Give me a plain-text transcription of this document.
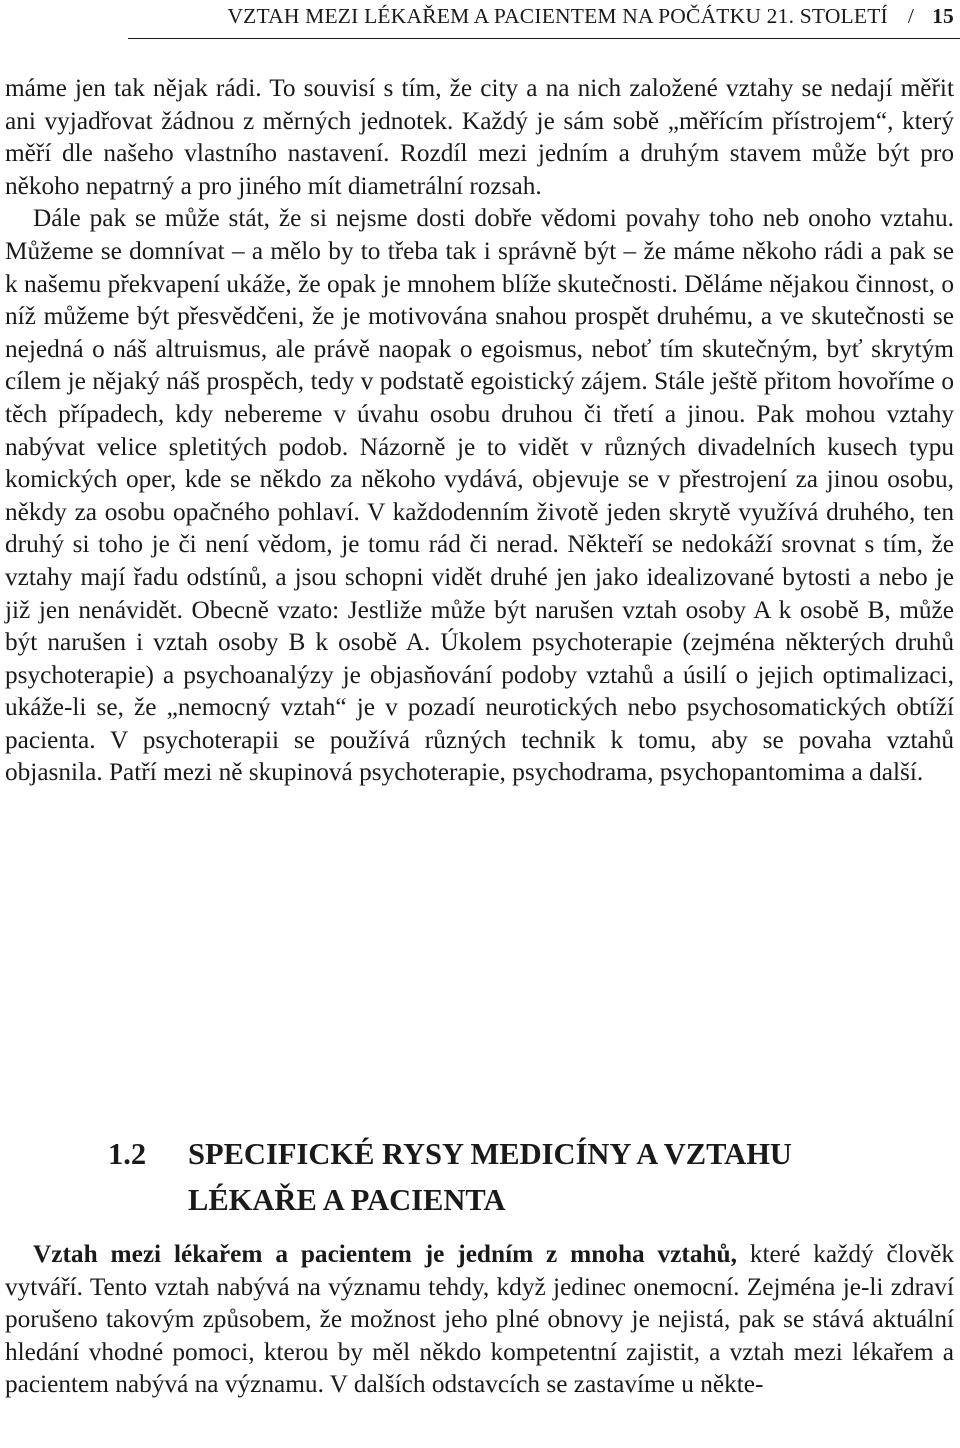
VZTAH MEZI LÉKAŘEM A PACIENTEM NA POČÁTKU 21. STOLETÍ / 15

máme jen tak nějak rádi. To souvisí s tím, že city a na nich založené vztahy se nedají měřit ani vyjadřovat žádnou z měrných jednotek. Každý je sám sobě „měřícím přístrojem“, který měří dle našeho vlastního nastavení. Rozdíl mezi jedním a druhým stavem může být pro někoho nepatrný a pro jiného mít diametrální rozsah.

Dále pak se může stát, že si nejsme dosti dobře vědomi povahy toho neb onoho vztahu. Můžeme se domnívat – a mělo by to třeba tak i správně být – že máme někoho rádi a pak se k našemu překvapení ukáže, že opak je mnohem blíže skutečnosti. Děláme nějakou činnost, o níž můžeme být přesvědčeni, že je motivována snahou prospět druhému, a ve skutečnosti se nejedná o náš altruismus, ale právě naopak o egoismus, neboť tím skutečným, byť skrytým cílem je nějaký náš prospěch, tedy v podstatě egoistický zájem. Stále ještě přitom hovoříme o těch případech, kdy nebereme v úvahu osobu druhou či třetí a jinou. Pak mohou vztahy nabývat velice spletitých podob. Názorně je to vidět v různých divadelních kusech typu komických oper, kde se někdo za někoho vydává, objevuje se v přestrojení za jinou osobu, někdy za osobu opačného pohlaví. V každodenním životě jeden skrytě využívá druhého, ten druhý si toho je či není vědom, je tomu rád či nerad. Někteří se nedokáží srovnat s tím, že vztahy mají řadu odstínů, a jsou schopni vidět druhé jen jako idealizované bytosti a nebo je již jen nenávidět. Obecně vzato: Jestliže může být narušen vztah osoby A k osobě B, může být narušen i vztah osoby B k osobě A. Úkolem psychoterapie (zejména některých druhů psychoterapie) a psychoanalýzy je objasňování podoby vztahů a úsilí o jejich optimalizaci, ukáže-li se, že „nemocný vztah“ je v pozadí neurotických nebo psychosomatických obtíží pacienta. V psychoterapii se používá různých technik k tomu, aby se povaha vztahů objasnila. Patří mezi ně skupinová psychoterapie, psychodrama, psychopantomima a další.

1.2 SPECIFICKÉ RYSY MEDICÍNY A VZTAHU
LÉKAŘE A PACIENTA

Vztah mezi lékařem a pacientem je jedním z mnoha vztahů, které každý člověk vytváří. Tento vztah nabývá na významu tehdy, když jedinec onemocní. Zejména je-li zdraví porušeno takovým způsobem, že možnost jeho plné obnovy je nejistá, pak se stává aktuální hledání vhodné pomoci, kterou by měl někdo kompetentní zajistit, a vztah mezi lékařem a pacientem nabývá na významu. V dalších odstavcích se zastavíme u někte-
